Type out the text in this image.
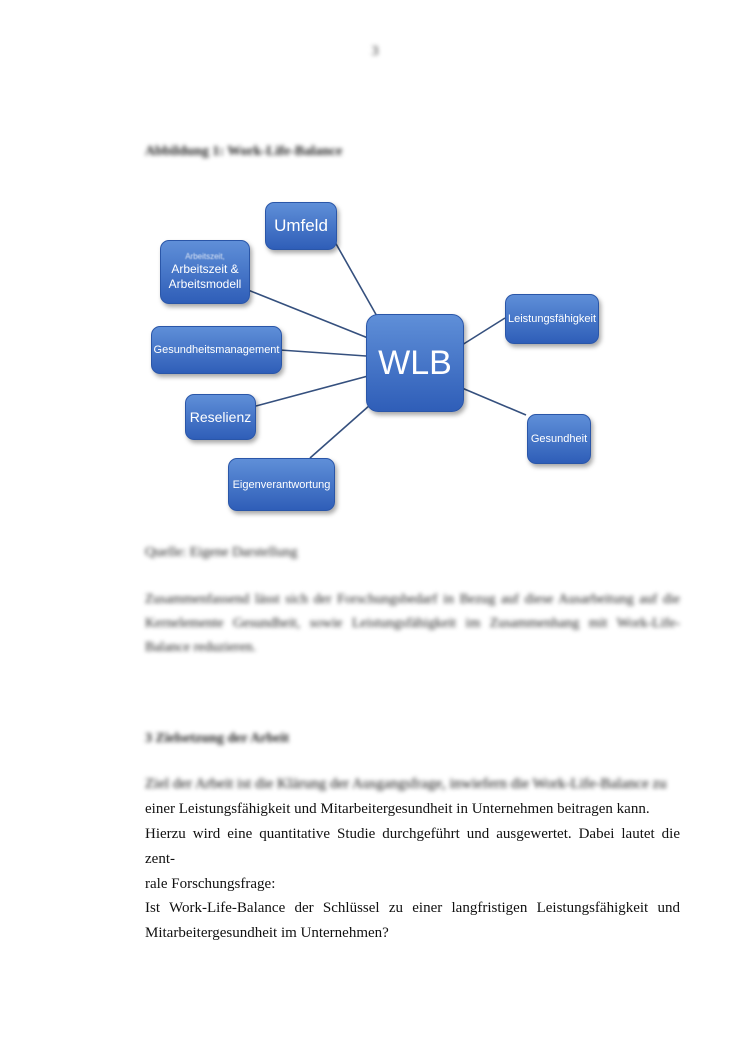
3
Abbildung 1: Work-Life-Balance
Umfeld
Arbeitszeit,
Arbeitszeit & Arbeitsmodell
Gesundheitsmanagement
Reselienz
Eigenverantwortung
WLB
Leistungsfähigkeit
Gesundheit
Quelle: Eigene Darstellung
Zusammenfassend lässt sich der Forschungsbedarf in Bezug auf diese Ausarbeitung auf die Kernelemente Gesundheit, sowie Leistungsfähigkeit im Zusammenhang mit Work-Life-Balance reduzieren.
3 Zielsetzung der Arbeit
Ziel der Arbeit ist die Klärung der Ausgangsfrage, inwiefern die Work-Life-Balance zu
einer Leistungsfähigkeit und Mitarbeitergesundheit in Unternehmen beitragen kann.
Hierzu wird eine quantitative Studie durchgeführt und ausgewertet. Dabei lautet die zent-
rale Forschungsfrage:
Ist Work-Life-Balance der Schlüssel zu einer langfristigen Leistungsfähigkeit und Mitarbeitergesundheit im Unternehmen?
